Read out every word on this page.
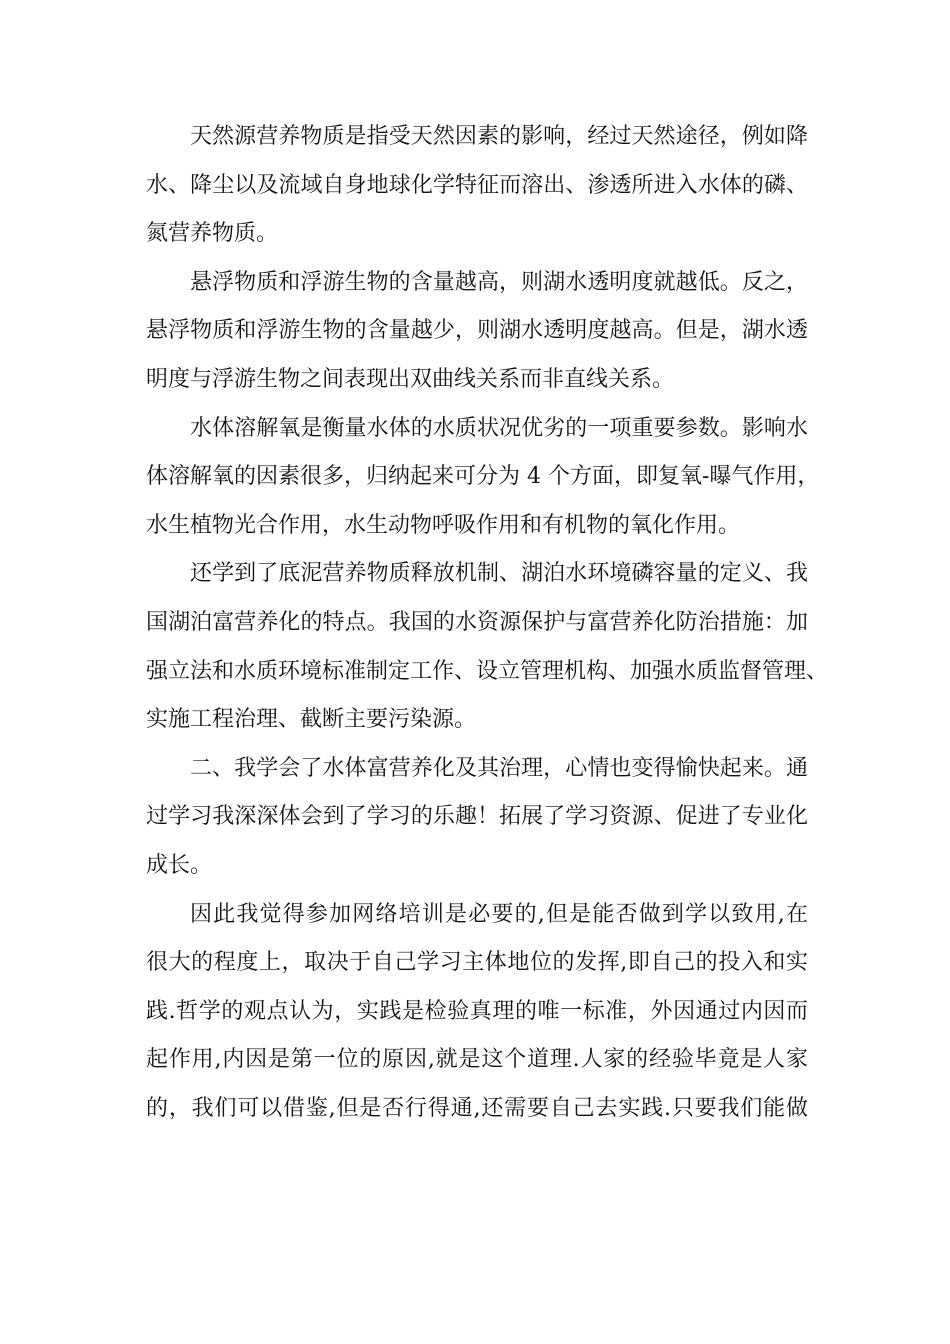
天然源营养物质是指受天然因素的影响，经过天然途径，例如降
水、降尘以及流域自身地球化学特征而溶出、渗透所进入水体的磷、
氮营养物质。
悬浮物质和浮游生物的含量越高，则湖水透明度就越低。反之，
悬浮物质和浮游生物的含量越少，则湖水透明度越高。但是，湖水透
明度与浮游生物之间表现出双曲线关系而非直线关系。
水体溶解氧是衡量水体的水质状况优劣的一项重要参数。影响水
体溶解氧的因素很多，归纳起来可分为 4 个方面，即复氧-曝气作用，
水生植物光合作用，水生动物呼吸作用和有机物的氧化作用。
还学到了底泥营养物质释放机制、湖泊水环境磷容量的定义、我
国湖泊富营养化的特点。我国的水资源保护与富营养化防治措施：加
强立法和水质环境标准制定工作、设立管理机构、加强水质监督管理、
实施工程治理、截断主要污染源。
二、我学会了水体富营养化及其治理，心情也变得愉快起来。通
过学习我深深体会到了学习的乐趣！拓展了学习资源、促进了专业化
成长。
因此我觉得参加网络培训是必要的,但是能否做到学以致用,在
很大的程度上，取决于自己学习主体地位的发挥,即自己的投入和实
践.哲学的观点认为，实践是检验真理的唯一标准，外因通过内因而
起作用,内因是第一位的原因,就是这个道理.人家的经验毕竟是人家
的，我们可以借鉴,但是否行得通,还需要自己去实践.只要我们能做
